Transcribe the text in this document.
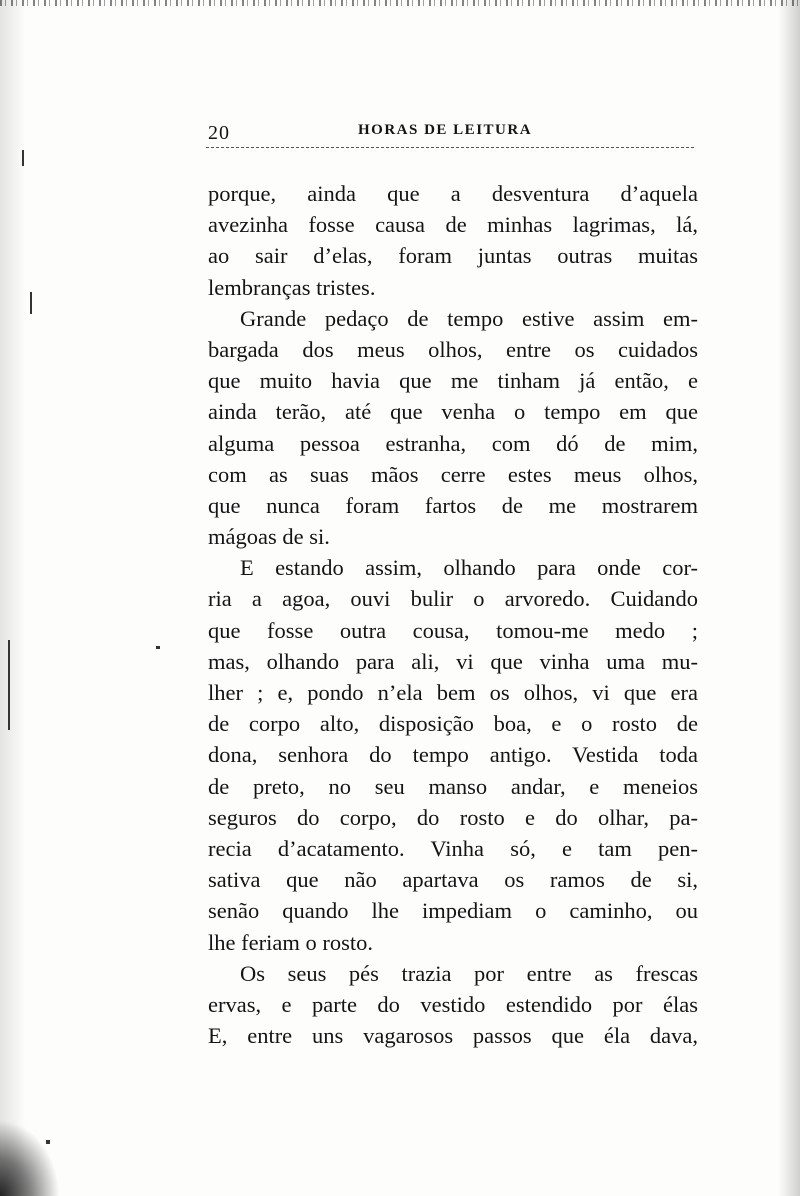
20	HORAS DE LEITURA
porque, ainda que a desventura d’aquela
avezinha fosse causa de minhas lagrimas, lá,
ao sair d’elas, foram juntas outras muitas
lembranças tristes.
Grande pedaço de tempo estive assim em-
bargada dos meus olhos, entre os cuidados
que muito havia que me tinham já então, e
ainda terão, até que venha o tempo em que
alguma pessoa estranha, com dó de mim,
com as suas mãos cerre estes meus olhos,
que nunca foram fartos de me mostrarem
mágoas de si.
E estando assim, olhando para onde cor-
ria a agoa, ouvi bulir o arvoredo. Cuidando
que fosse outra cousa, tomou-me medo ;
mas, olhando para ali, vi que vinha uma mu-
lher ; e, pondo n’ela bem os olhos, vi que era
de corpo alto, disposição boa, e o rosto de
dona, senhora do tempo antigo. Vestida toda
de preto, no seu manso andar, e meneios
seguros do corpo, do rosto e do olhar, pa-
recia d’acatamento. Vinha só, e tam pen-
sativa que não apartava os ramos de si,
senão quando lhe impediam o caminho, ou
lhe feriam o rosto.
Os seus pés trazia por entre as frescas
ervas, e parte do vestido estendido por élas
E, entre uns vagarosos passos que éla dava,
